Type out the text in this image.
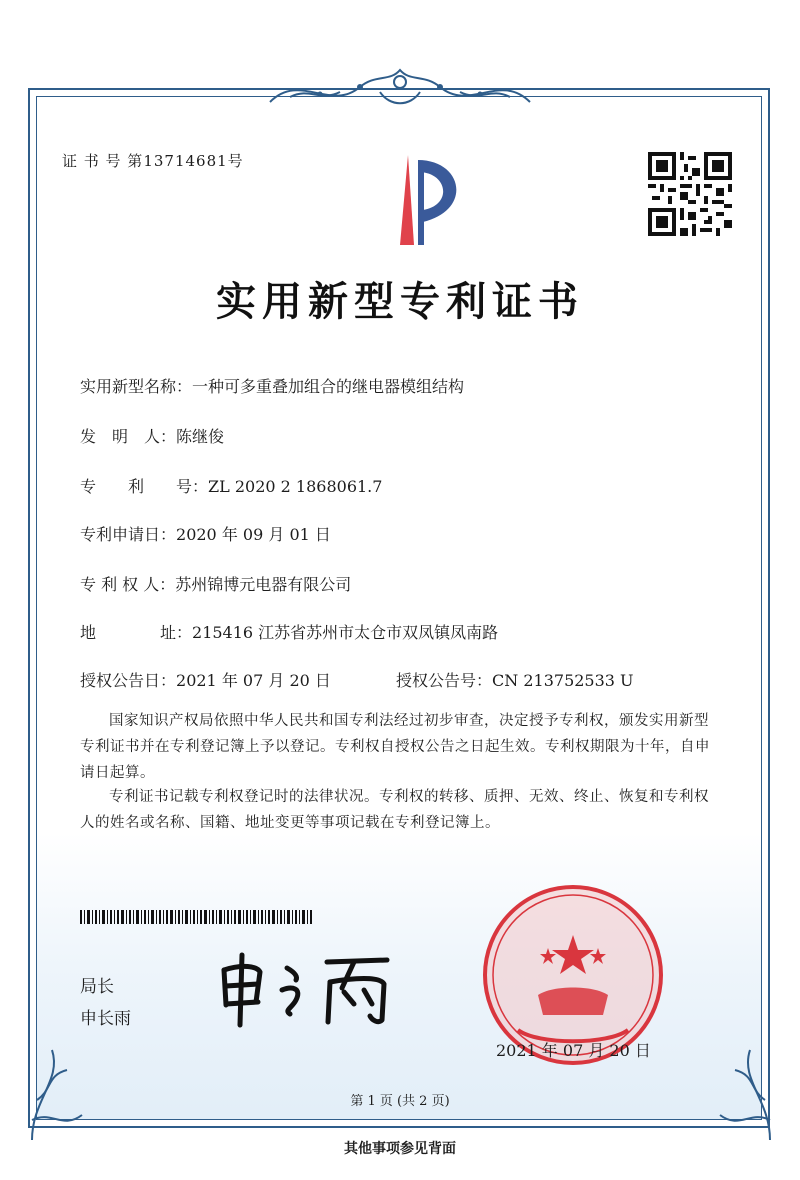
证 书 号 第13714681号
实用新型专利证书
实用新型名称：一种可多重叠加组合的继电器模组结构
发　明　人：陈继俊
专　　利　　号：ZL 2020 2 1868061.7
专利申请日：2020 年 09 月 01 日
专 利 权 人：苏州锦博元电器有限公司
地　　　　址：215416 江苏省苏州市太仓市双凤镇凤南路
授权公告日：2021 年 07 月 20 日	授权公告号：CN 213752533 U
国家知识产权局依照中华人民共和国专利法经过初步审查，决定授予专利权，颁发实用新型专利证书并在专利登记簿上予以登记。专利权自授权公告之日起生效。专利权期限为十年，自申请日起算。
专利证书记载专利权登记时的法律状况。专利权的转移、质押、无效、终止、恢复和专利权人的姓名或名称、国籍、地址变更等事项记载在专利登记簿上。
局长
申长雨
2021 年 07 月 20 日
第 1 页 (共 2 页)
其他事项参见背面
